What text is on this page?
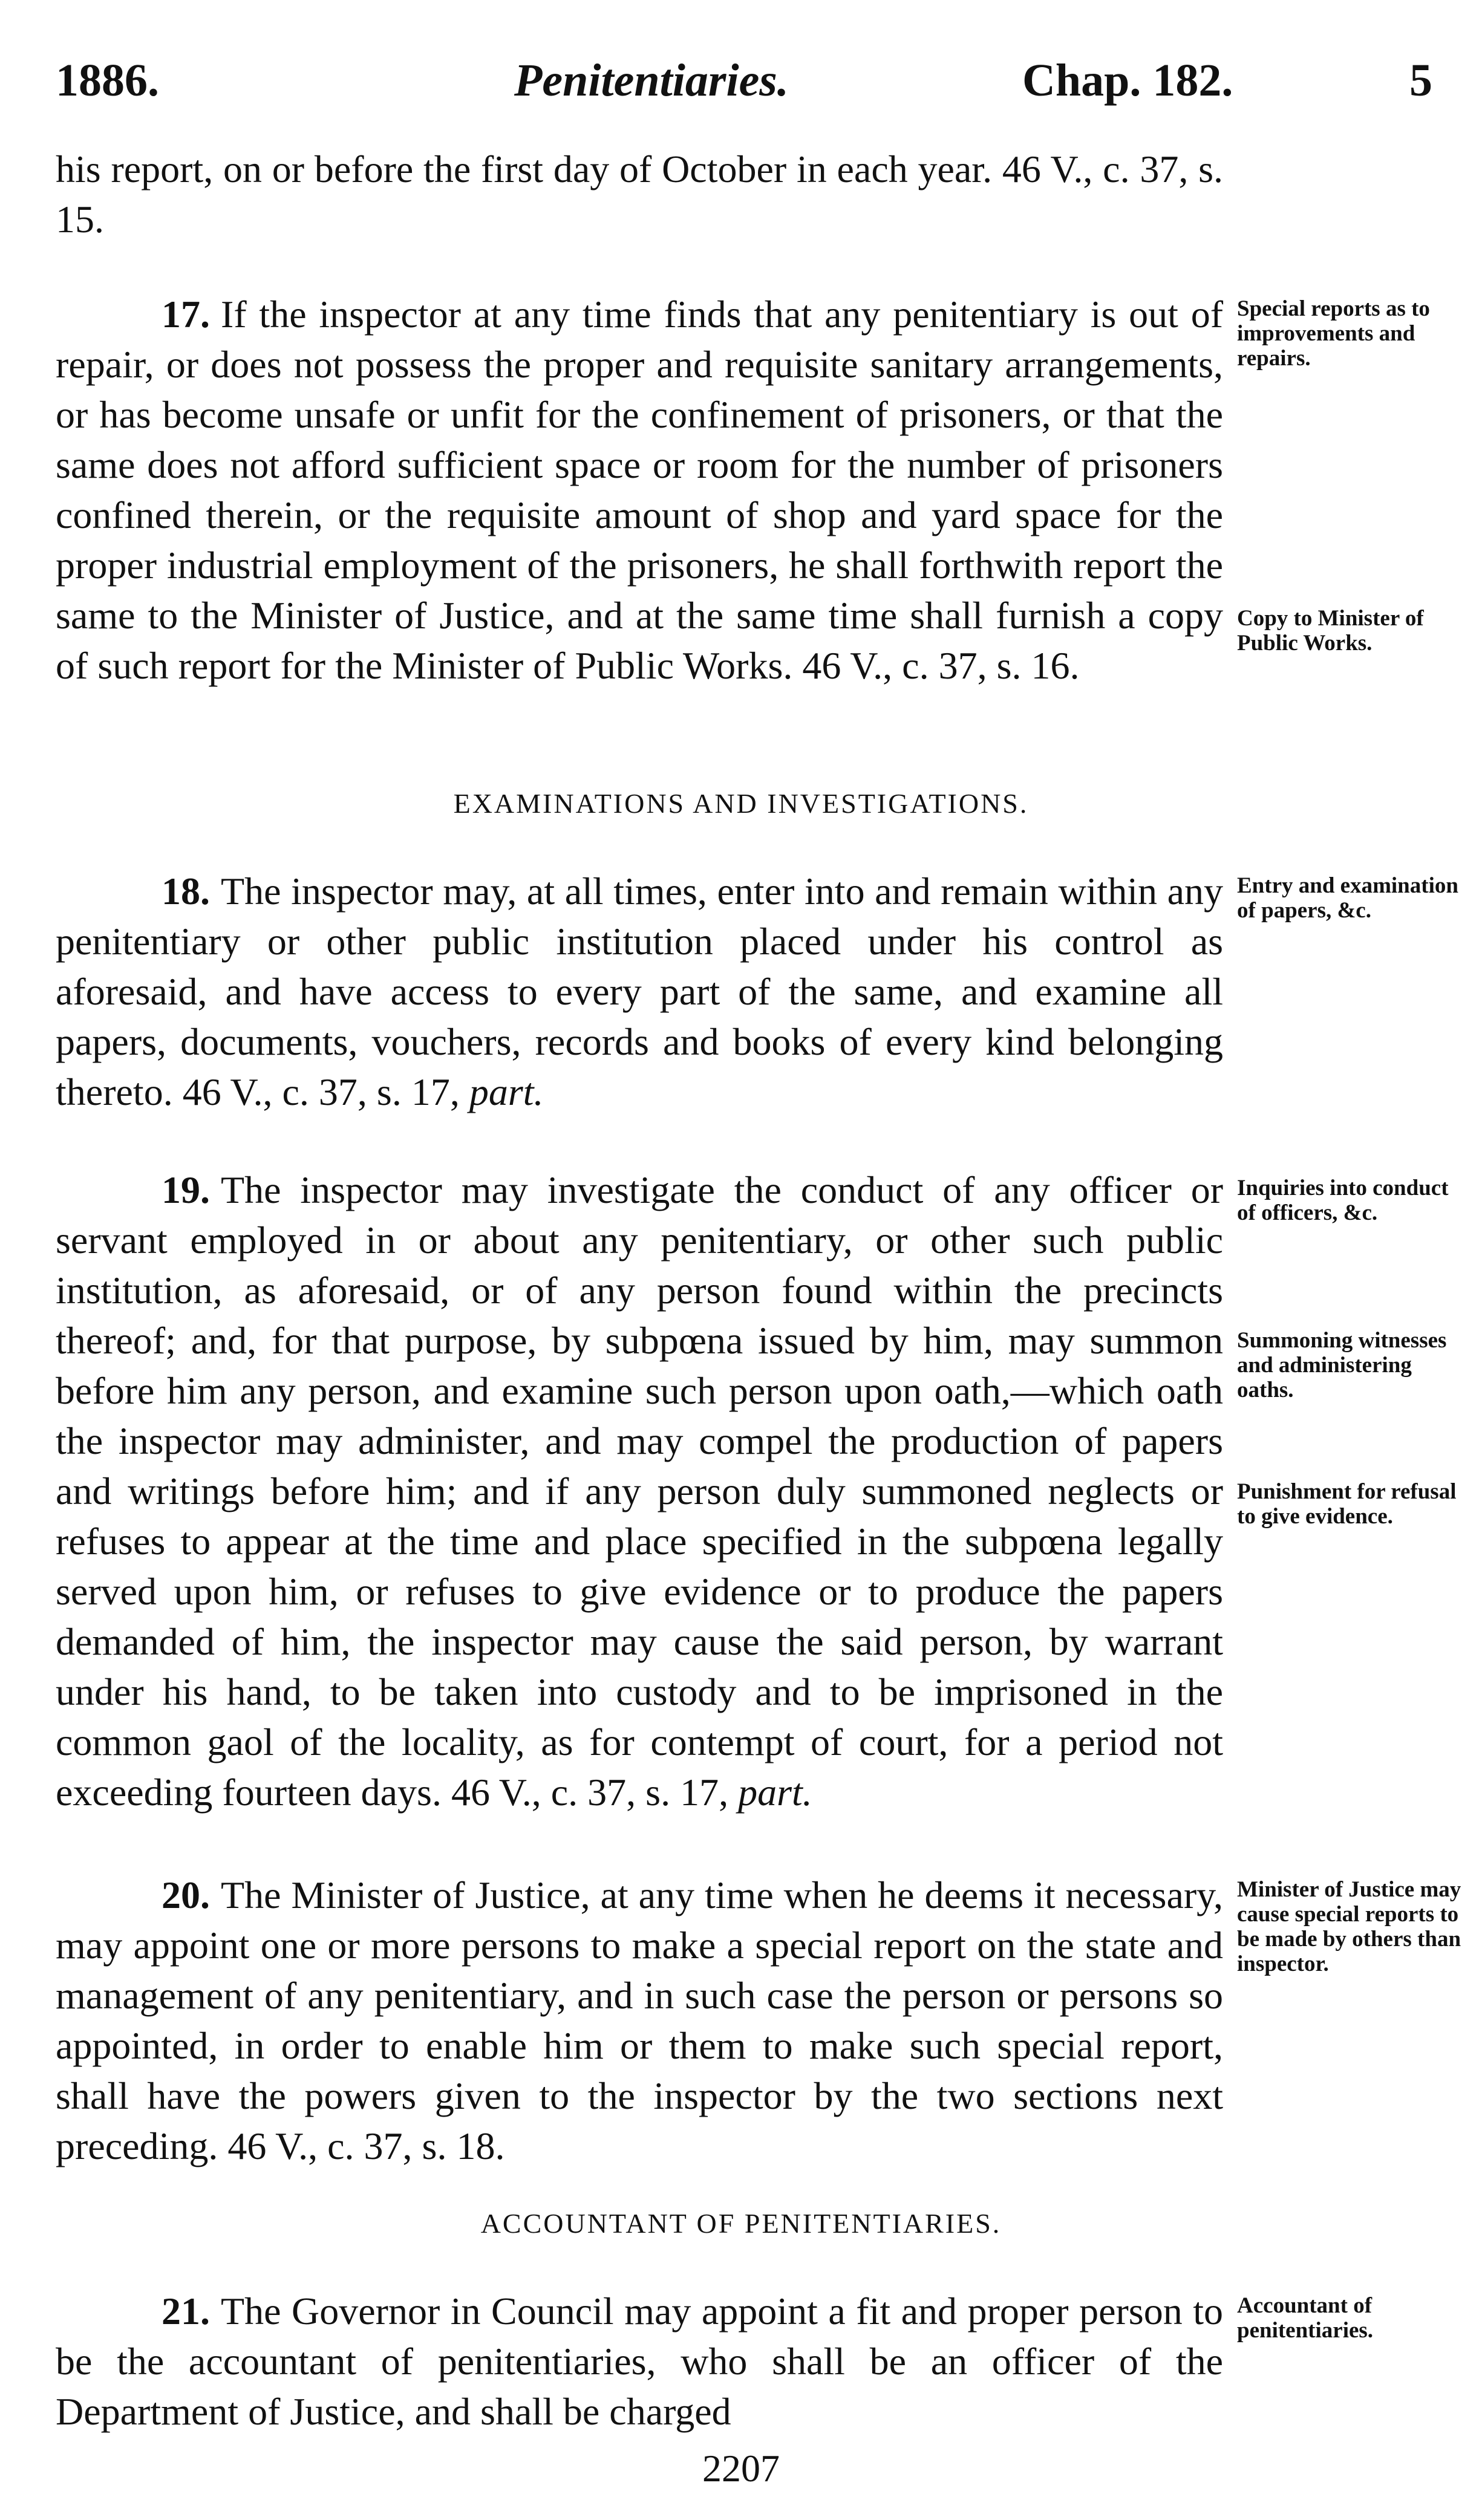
1886.	Penitentiaries.	Chap. 182.	5

his report, on or before the first day of October in each year. 46 V., c. 37, s. 15.

17. If the inspector at any time finds that any penitentiary is out of repair, or does not possess the proper and requisite sanitary arrangements, or has become unsafe or unfit for the confinement of prisoners, or that the same does not afford sufficient space or room for the number of prisoners confined therein, or the requisite amount of shop and yard space for the proper industrial employment of the prisoners, he shall forthwith report the same to the Minister of Justice, and at the same time shall furnish a copy of such report for the Minister of Public Works. 46 V., c. 37, s. 16.

Special reports as to improvements and repairs.
Copy to Minister of Public Works.
EXAMINATIONS AND INVESTIGATIONS.

18. The inspector may, at all times, enter into and remain within any penitentiary or other public institution placed under his control as aforesaid, and have access to every part of the same, and examine all papers, documents, vouchers, records and books of every kind belonging thereto. 46 V., c. 37, s. 17, part.

Entry and examination of papers, &c.

19. The inspector may investigate the conduct of any officer or servant employed in or about any penitentiary, or other such public institution, as aforesaid, or of any person found within the precincts thereof; and, for that purpose, by subpœna issued by him, may summon before him any person, and examine such person upon oath,—which oath the inspector may administer, and may compel the production of papers and writings before him; and if any person duly summoned neglects or refuses to appear at the time and place specified in the subpœna legally served upon him, or refuses to give evidence or to produce the papers demanded of him, the inspector may cause the said person, by warrant under his hand, to be taken into custody and to be imprisoned in the common gaol of the locality, as for contempt of court, for a period not exceeding fourteen days. 46 V., c. 37, s. 17, part.

Inquiries into conduct of officers, &c.
Summoning witnesses and administering oaths.
Punishment for refusal to give evidence.

20. The Minister of Justice, at any time when he deems it necessary, may appoint one or more persons to make a special report on the state and management of any penitentiary, and in such case the person or persons so appointed, in order to enable him or them to make such special report, shall have the powers given to the inspector by the two sections next preceding. 46 V., c. 37, s. 18.

Minister of Justice may cause special reports to be made by others than inspector.
ACCOUNTANT OF PENITENTIARIES.

21. The Governor in Council may appoint a fit and proper person to be the accountant of penitentiaries, who shall be an officer of the Department of Justice, and shall be charged

Accountant of penitentiaries.
2207
